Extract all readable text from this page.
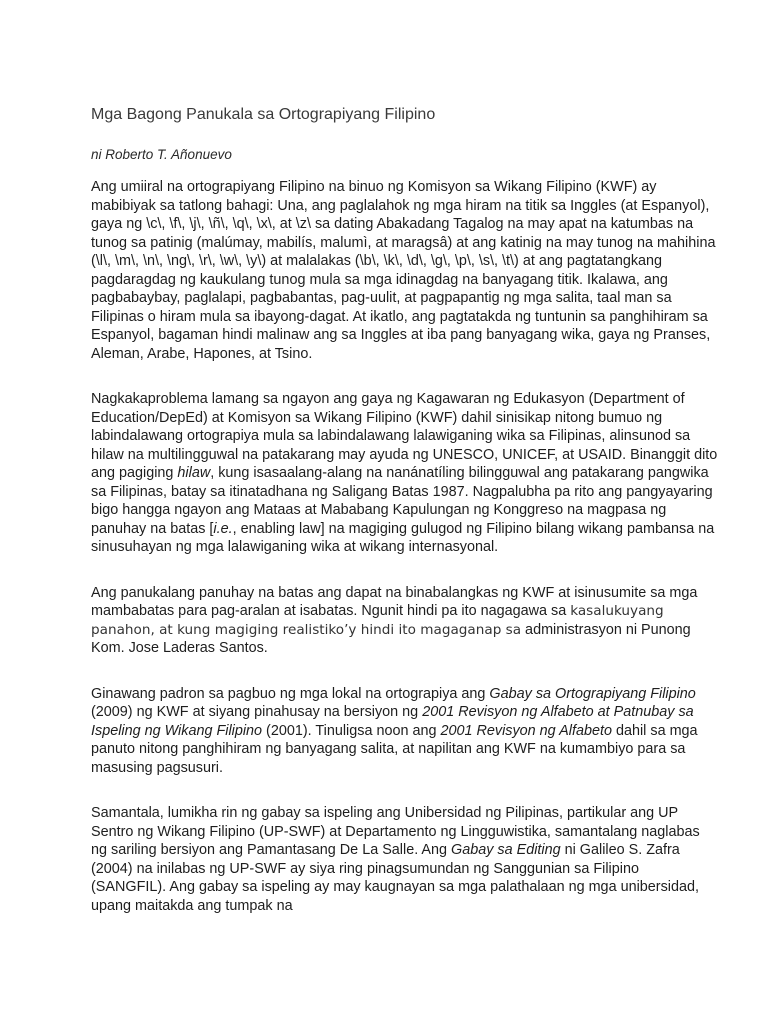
Mga Bagong Panukala sa Ortograpiyang Filipino

ni Roberto T. Añonuevo

Ang umiiral na ortograpiyang Filipino na binuo ng Komisyon sa Wikang Filipino (KWF) ay mabibiyak sa tatlong bahagi: Una, ang paglalahok ng mga hiram na titik sa Inggles (at Espanyol), gaya ng \c\, \f\, \j\, \ñ\, \q\, \x\, at \z\ sa dating Abakadang Tagalog na may apat na katumbas na tunog sa patinig (malúmay, mabilís, malumì, at maragsâ) at ang katinig na may tunog na mahihina (\l\, \m\, \n\, \ng\, \r\, \w\, \y\) at malalakas (\b\, \k\, \d\, \g\, \p\, \s\, \t\) at ang pagtatangkang pagdaragdag ng kaukulang tunog mula sa mga idinagdag na banyagang titik. Ikalawa, ang pagbabaybay, paglalapi, pagbabantas, pag-uulit, at pagpapantig ng mga salita, taal man sa Filipinas o hiram mula sa ibayong-dagat. At ikatlo, ang pagtatakda ng tuntunin sa panghihiram sa Espanyol, bagaman hindi malinaw ang sa Inggles at iba pang banyagang wika, gaya ng Pranses, Aleman, Arabe, Hapones, at Tsino.

Nagkakaproblema lamang sa ngayon ang gaya ng Kagawaran ng Edukasyon (Department of Education/DepEd) at Komisyon sa Wikang Filipino (KWF) dahil sinisikap nitong bumuo ng labindalawang ortograpiya mula sa labindalawang lalawiganing wika sa Filipinas, alinsunod sa hilaw na multilingguwal na patakarang may ayuda ng UNESCO, UNICEF, at USAID. Binanggit dito ang pagiging hilaw, kung isasaalang-alang na nanánatíling bilingguwal ang patakarang pangwika sa Filipinas, batay sa itinatadhana ng Saligang Batas 1987. Nagpalubha pa rito ang pangyayaring bigo hangga ngayon ang Mataas at Mababang Kapulungan ng Konggreso na magpasa ng panuhay na batas [i.e., enabling law] na magiging gulugod ng Filipino bilang wikang pambansa na sinusuhayan ng mga lalawiganing wika at wikang internasyonal.

Ang panukalang panuhay na batas ang dapat na binabalangkas ng KWF at isinusumite sa mga mambabatas para pag-aralan at isabatas. Ngunit hindi pa ito nagagawa sa kasalukuyang panahon, at kung magiging realistiko’y hindi ito magaganap sa administrasyon ni Punong Kom. Jose Laderas Santos.

Ginawang padron sa pagbuo ng mga lokal na ortograpiya ang Gabay sa Ortograpiyang Filipino (2009) ng KWF at siyang pinahusay na bersiyon ng 2001 Revisyon ng Alfabeto at Patnubay sa Ispeling ng Wikang Filipino (2001). Tinuligsa noon ang 2001 Revisyon ng Alfabeto dahil sa mga panuto nitong panghihiram ng banyagang salita, at napilitan ang KWF na kumambiyo para sa masusing pagsusuri.

Samantala, lumikha rin ng gabay sa ispeling ang Unibersidad ng Pilipinas, partikular ang UP Sentro ng Wikang Filipino (UP-SWF) at Departamento ng Lingguwistika, samantalang naglabas ng sariling bersiyon ang Pamantasang De La Salle. Ang Gabay sa Editing ni Galileo S. Zafra (2004) na inilabas ng UP-SWF ay siya ring pinagsumundan ng Sanggunian sa Filipino (SANGFIL). Ang gabay sa ispeling ay may kaugnayan sa mga palathalaan ng mga unibersidad, upang maitakda ang tumpak na
